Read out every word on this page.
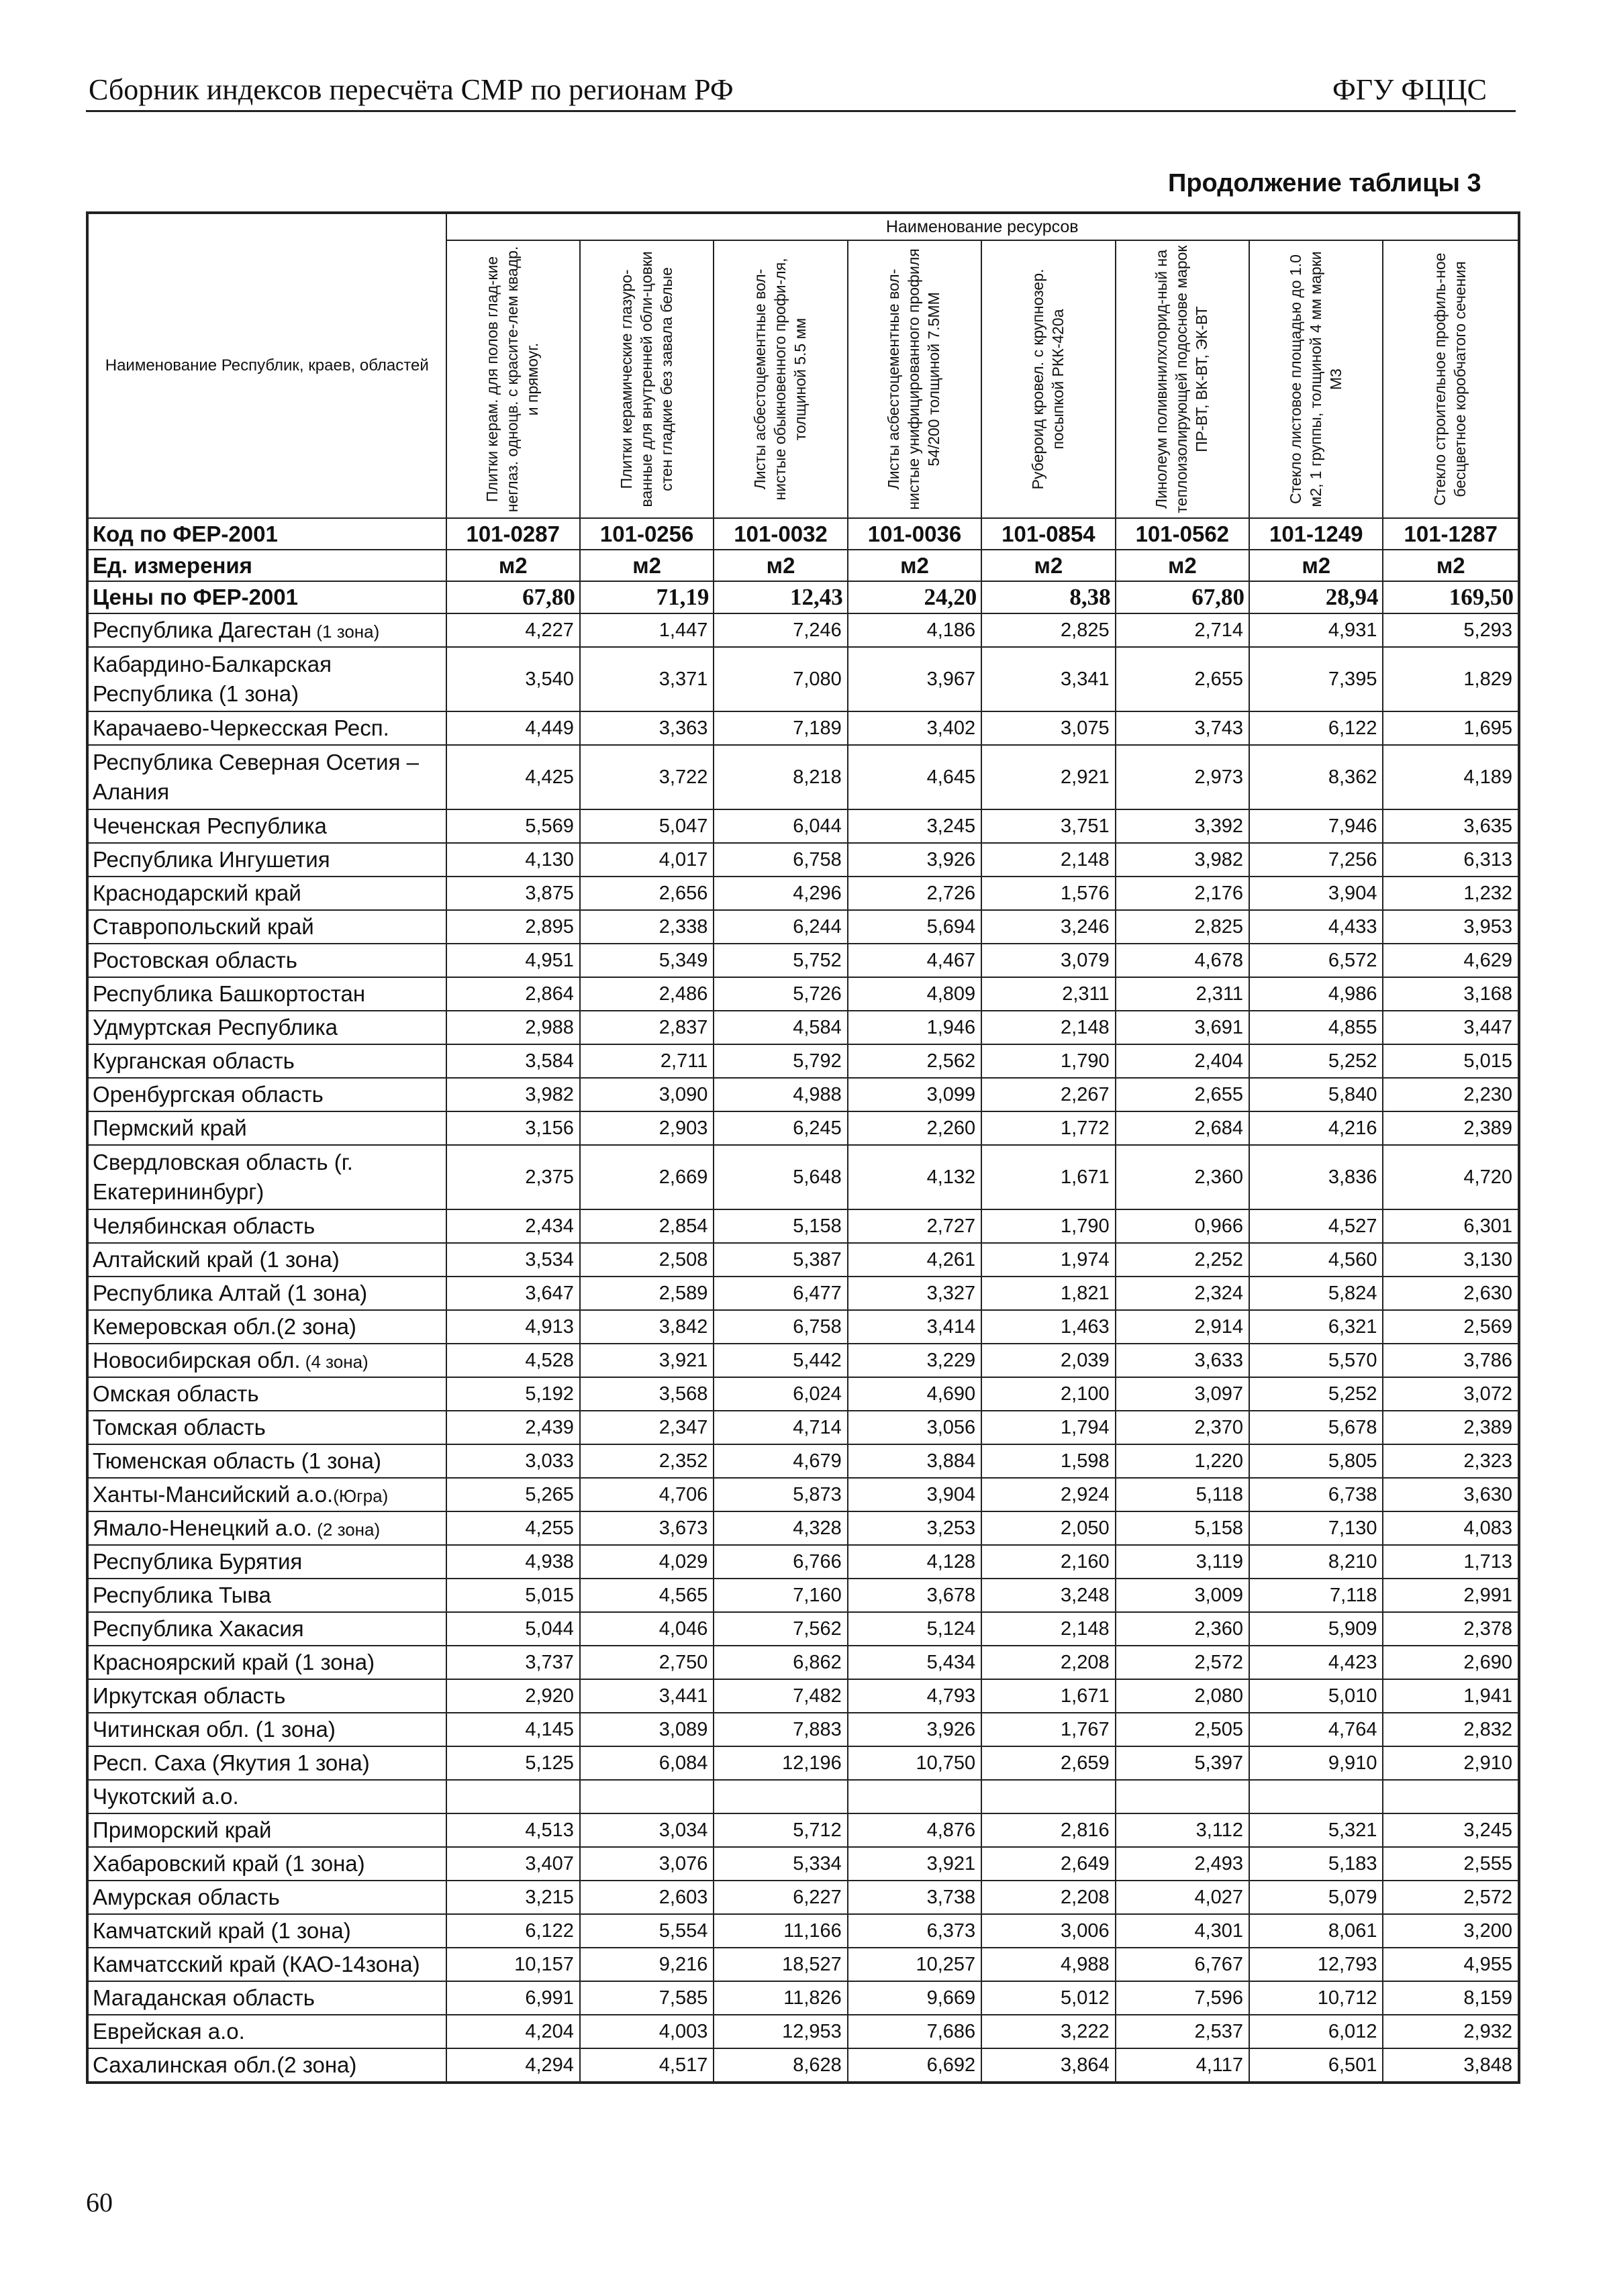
Сборник индексов пересчёта СМР по регионам РФ	ФГУ ФЦЦС
Продолжение таблицы 3
Наименование Республик, краев, областей	Наименование ресурсов							

	Плитки керам. для полов глад-кие неглаз. одноцв. с красите-лем квадр. и прямоуг.	Плитки керамические глазуро-ванные для внутренней обли-цовки стен гладкие без завала белые	Листы асбестоцементные вол-нистые обыкновенного профи-ля, толщиной 5.5 мм	Листы асбестоцементные вол-нистые унифицированного профиля 54/200 толщиной 7.5ММ	Рубероид кровел. с крупнозер. посыпкой РКК-420а	Линолеум поливинилхлорид-ный на теплоизолирующей подоснове марок ПР-ВТ, ВК-ВТ, ЭК-ВТ	Стекло листовое площадью до 1.0 м2, 1 группы, толщиной 4 мм марки М3	Стекло строительное профиль-ное бесцветное коробчатого сечения

Код по ФЕР-2001	101-0287	101-0256	101-0032	101-0036	101-0854	101-0562	101-1249	101-1287
Ед. измерения	м2	м2	м2	м2	м2	м2	м2	м2
Цены по ФЕР-2001	67,80	71,19	12,43	24,20	8,38	67,80	28,94	169,50
Республика Дагестан (1 зона)	4,227	1,447	7,246	4,186	2,825	2,714	4,931	5,293
Кабардино-Балкарская Республика (1 зона)	3,540	3,371	7,080	3,967	3,341	2,655	7,395	1,829
Карачаево-Черкесская Респ.	4,449	3,363	7,189	3,402	3,075	3,743	6,122	1,695
Республика Северная Осетия – Алания	4,425	3,722	8,218	4,645	2,921	2,973	8,362	4,189
Чеченская Республика	5,569	5,047	6,044	3,245	3,751	3,392	7,946	3,635
Республика Ингушетия	4,130	4,017	6,758	3,926	2,148	3,982	7,256	6,313
Краснодарский край	3,875	2,656	4,296	2,726	1,576	2,176	3,904	1,232
Ставропольский край	2,895	2,338	6,244	5,694	3,246	2,825	4,433	3,953
Ростовская область	4,951	5,349	5,752	4,467	3,079	4,678	6,572	4,629
Республика Башкортостан	2,864	2,486	5,726	4,809	2,311	2,311	4,986	3,168
Удмуртская Республика	2,988	2,837	4,584	1,946	2,148	3,691	4,855	3,447
Курганская область	3,584	2,711	5,792	2,562	1,790	2,404	5,252	5,015
Оренбургская область	3,982	3,090	4,988	3,099	2,267	2,655	5,840	2,230
Пермский край	3,156	2,903	6,245	2,260	1,772	2,684	4,216	2,389
Свердловская область (г. Екатерининбург)	2,375	2,669	5,648	4,132	1,671	2,360	3,836	4,720
Челябинская область	2,434	2,854	5,158	2,727	1,790	0,966	4,527	6,301
Алтайский край (1 зона)	3,534	2,508	5,387	4,261	1,974	2,252	4,560	3,130
Республика Алтай (1 зона)	3,647	2,589	6,477	3,327	1,821	2,324	5,824	2,630
Кемеровская обл.(2 зона)	4,913	3,842	6,758	3,414	1,463	2,914	6,321	2,569
Новосибирская обл. (4 зона)	4,528	3,921	5,442	3,229	2,039	3,633	5,570	3,786
Омская область	5,192	3,568	6,024	4,690	2,100	3,097	5,252	3,072
Томская область	2,439	2,347	4,714	3,056	1,794	2,370	5,678	2,389
Тюменская область (1 зона)	3,033	2,352	4,679	3,884	1,598	1,220	5,805	2,323
Ханты-Мансийский а.о.(Югра)	5,265	4,706	5,873	3,904	2,924	5,118	6,738	3,630
Ямало-Ненецкий а.о. (2 зона)	4,255	3,673	4,328	3,253	2,050	5,158	7,130	4,083
Республика Бурятия	4,938	4,029	6,766	4,128	2,160	3,119	8,210	1,713
Республика Тыва	5,015	4,565	7,160	3,678	3,248	3,009	7,118	2,991
Республика Хакасия	5,044	4,046	7,562	5,124	2,148	2,360	5,909	2,378
Красноярский край (1 зона)	3,737	2,750	6,862	5,434	2,208	2,572	4,423	2,690
Иркутская область	2,920	3,441	7,482	4,793	1,671	2,080	5,010	1,941
Читинская обл. (1 зона)	4,145	3,089	7,883	3,926	1,767	2,505	4,764	2,832
Респ. Саха (Якутия 1 зона)	5,125	6,084	12,196	10,750	2,659	5,397	9,910	2,910
Чукотский а.о.								
Приморский край	4,513	3,034	5,712	4,876	2,816	3,112	5,321	3,245
Хабаровский край (1 зона)	3,407	3,076	5,334	3,921	2,649	2,493	5,183	2,555
Амурская область	3,215	2,603	6,227	3,738	2,208	4,027	5,079	2,572
Камчатский край (1 зона)	6,122	5,554	11,166	6,373	3,006	4,301	8,061	3,200
Камчатсский край (КАО-14зона)	10,157	9,216	18,527	10,257	4,988	6,767	12,793	4,955
Магаданская область	6,991	7,585	11,826	9,669	5,012	7,596	10,712	8,159
Еврейская а.о.	4,204	4,003	12,953	7,686	3,222	2,537	6,012	2,932
Сахалинская обл.(2 зона)	4,294	4,517	8,628	6,692	3,864	4,117	6,501	3,848
60
